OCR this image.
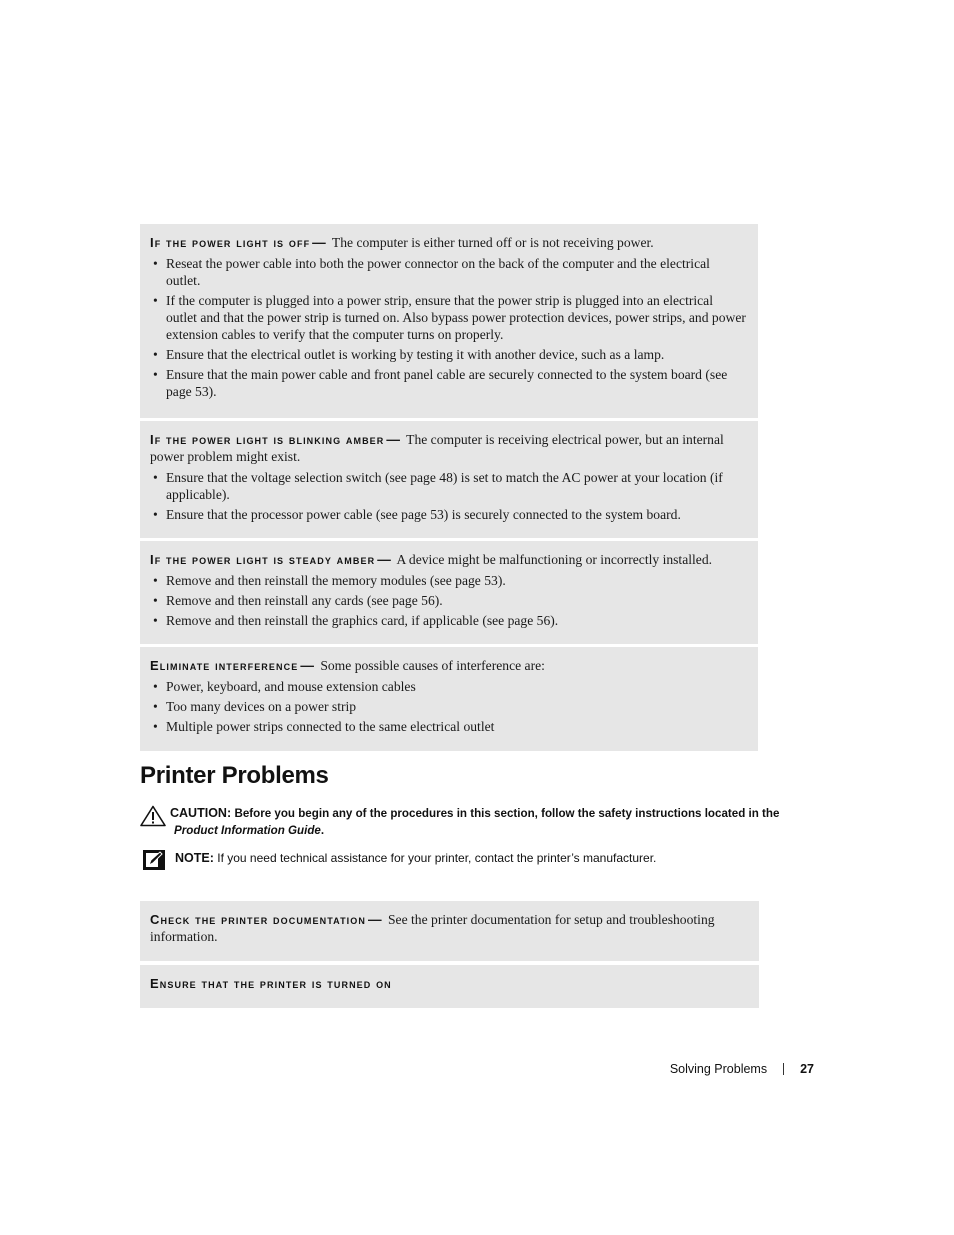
If the power light is off — The computer is either turned off or is not receiving power.
• Reseat the power cable into both the power connector on the back of the computer and the electrical outlet.
• If the computer is plugged into a power strip, ensure that the power strip is plugged into an electrical outlet and that the power strip is turned on. Also bypass power protection devices, power strips, and power extension cables to verify that the computer turns on properly.
• Ensure that the electrical outlet is working by testing it with another device, such as a lamp.
• Ensure that the main power cable and front panel cable are securely connected to the system board (see page 53).
If the power light is blinking amber — The computer is receiving electrical power, but an internal power problem might exist.
• Ensure that the voltage selection switch (see page 48) is set to match the AC power at your location (if applicable).
• Ensure that the processor power cable (see page 53) is securely connected to the system board.
If the power light is steady amber — A device might be malfunctioning or incorrectly installed.
• Remove and then reinstall the memory modules (see page 53).
• Remove and then reinstall any cards (see page 56).
• Remove and then reinstall the graphics card, if applicable (see page 56).
Eliminate interference — Some possible causes of interference are:
• Power, keyboard, and mouse extension cables
• Too many devices on a power strip
• Multiple power strips connected to the same electrical outlet
Printer Problems
CAUTION: Before you begin any of the procedures in this section, follow the safety instructions located in the
Product Information Guide.
NOTE: If you need technical assistance for your printer, contact the printer’s manufacturer.
Check the printer documentation — See the printer documentation for setup and troubleshooting information.
Ensure that the printer is turned on
Solving Problems	27
